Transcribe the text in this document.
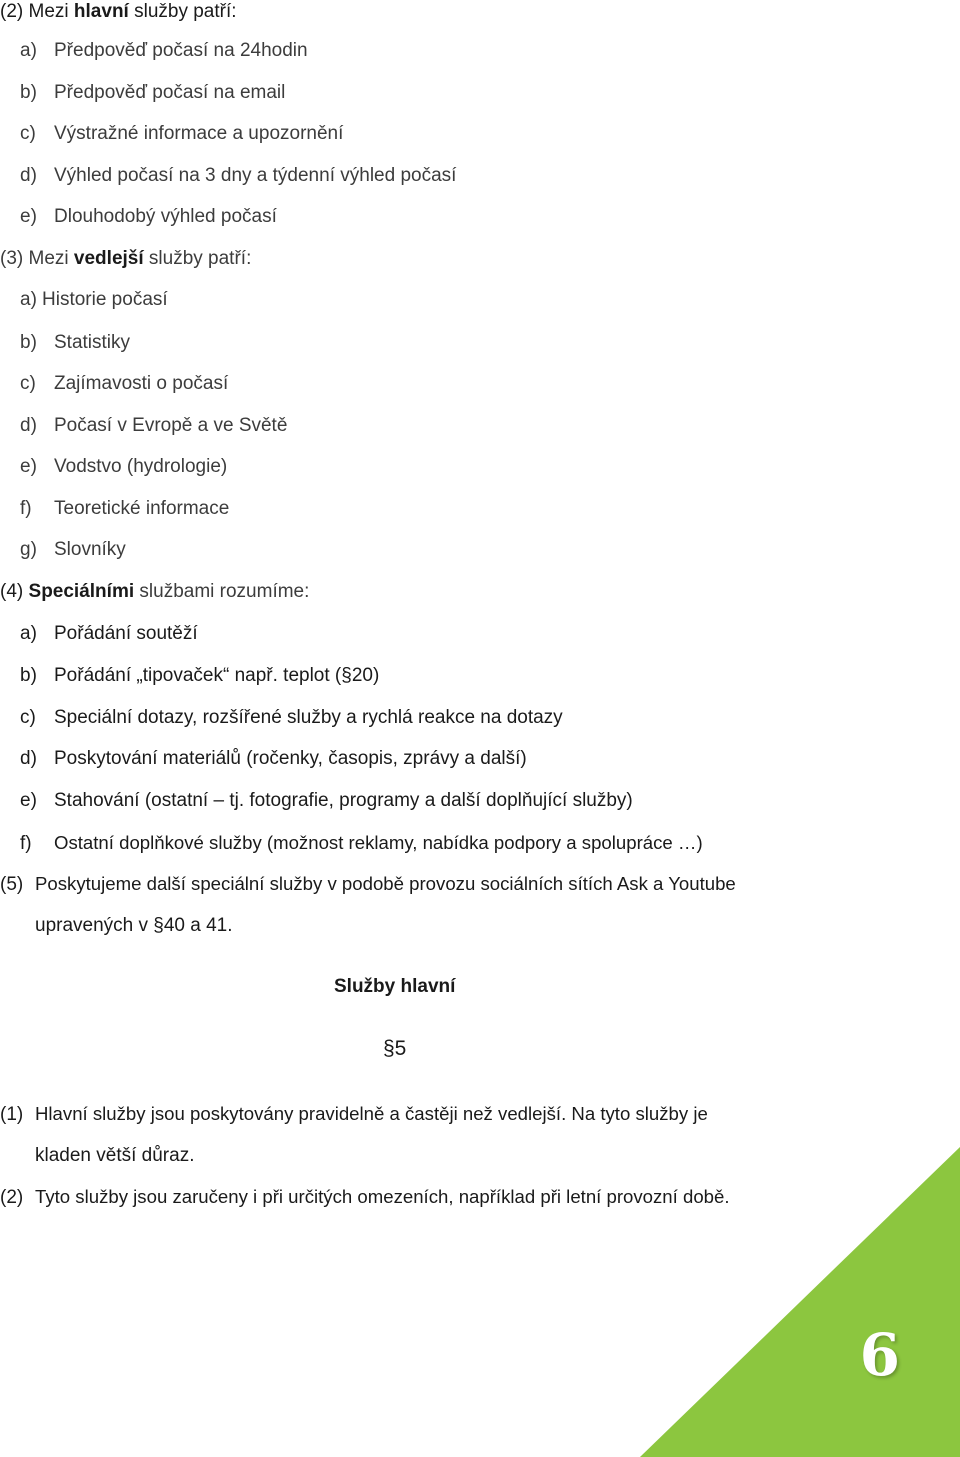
(2) Mezi hlavní služby patří:
a) Předpověď počasí na 24hodin
b) Předpověď počasí na email
c) Výstražné informace a upozornění
d) Výhled počasí na 3 dny a týdenní výhled počasí
e) Dlouhodobý výhled počasí
(3) Mezi vedlejší služby patří:
a) Historie počasí
b) Statistiky
c) Zajímavosti o počasí
d) Počasí v Evropě a ve Světě
e) Vodstvo (hydrologie)
f) Teoretické informace
g) Slovníky
(4) Speciálními službami rozumíme:
a) Pořádání soutěží
b) Pořádání „tipovaček“ např. teplot (§20)
c) Speciální dotazy, rozšířené služby a rychlá reakce na dotazy
d) Poskytování materiálů (ročenky, časopis, zprávy a další)
e) Stahování (ostatní – tj. fotografie, programy a další doplňující služby)
f) Ostatní doplňkové služby (možnost reklamy, nabídka podpory a spolupráce …)
(5) Poskytujeme další speciální služby v podobě provozu sociálních sítích Ask a Youtube
upravených v §40 a 41.
Služby hlavní
§5
(1) Hlavní služby jsou poskytovány pravidelně a častěji než vedlejší. Na tyto služby je
kladen větší důraz.
(2) Tyto služby jsou zaručeny i při určitých omezeních, například při letní provozní době.
6
